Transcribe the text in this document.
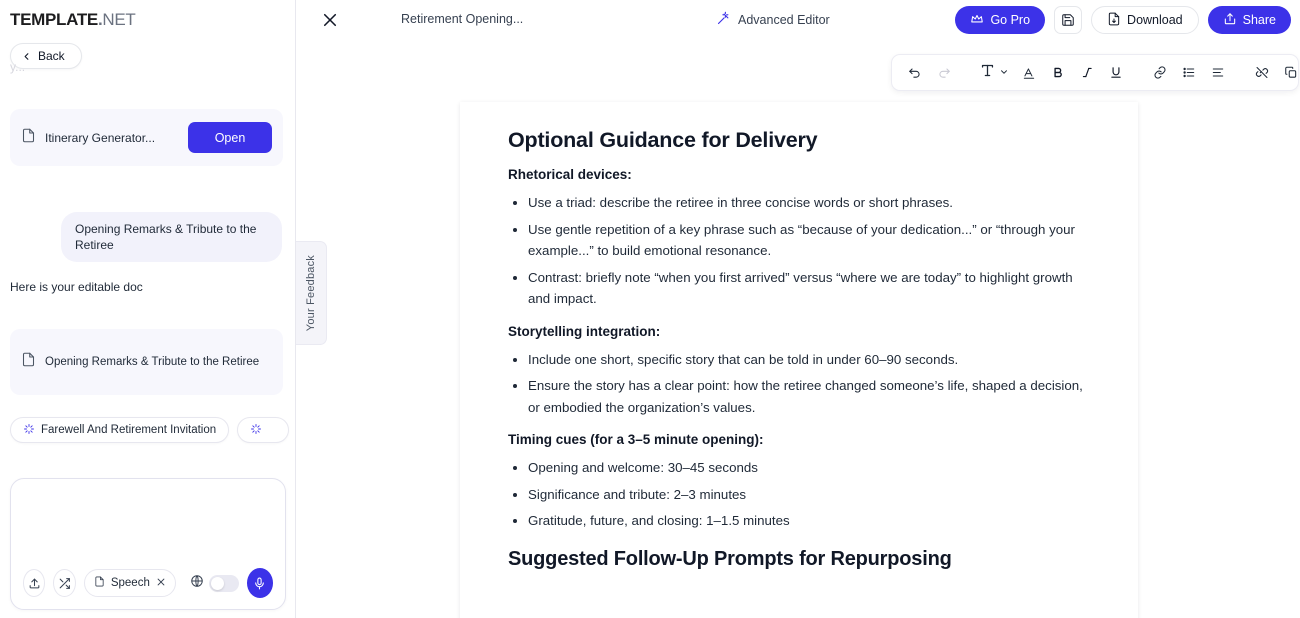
TEMPLATE.NET
Back
y...
Itinerary Generator...	Open
Opening Remarks & Tribute to the Retiree
Here is your editable doc
Opening Remarks & Tribute to the Retiree
Farewell And Retirement Invitation
Speech
Your Feedback
Retirement Opening...	Advanced Editor	Go Pro	Download	Share
Optional Guidance for Delivery
Rhetorical devices:
• Use a triad: describe the retiree in three concise words or short phrases.
• Use gentle repetition of a key phrase such as “because of your dedication...” or “through your example...” to build emotional resonance.
• Contrast: briefly note “when you first arrived” versus “where we are today” to highlight growth and impact.
Storytelling integration:
• Include one short, specific story that can be told in under 60–90 seconds.
• Ensure the story has a clear point: how the retiree changed someone’s life, shaped a decision, or embodied the organization’s values.
Timing cues (for a 3–5 minute opening):
• Opening and welcome: 30–45 seconds
• Significance and tribute: 2–3 minutes
• Gratitude, future, and closing: 1–1.5 minutes
Suggested Follow-Up Prompts for Repurposing
